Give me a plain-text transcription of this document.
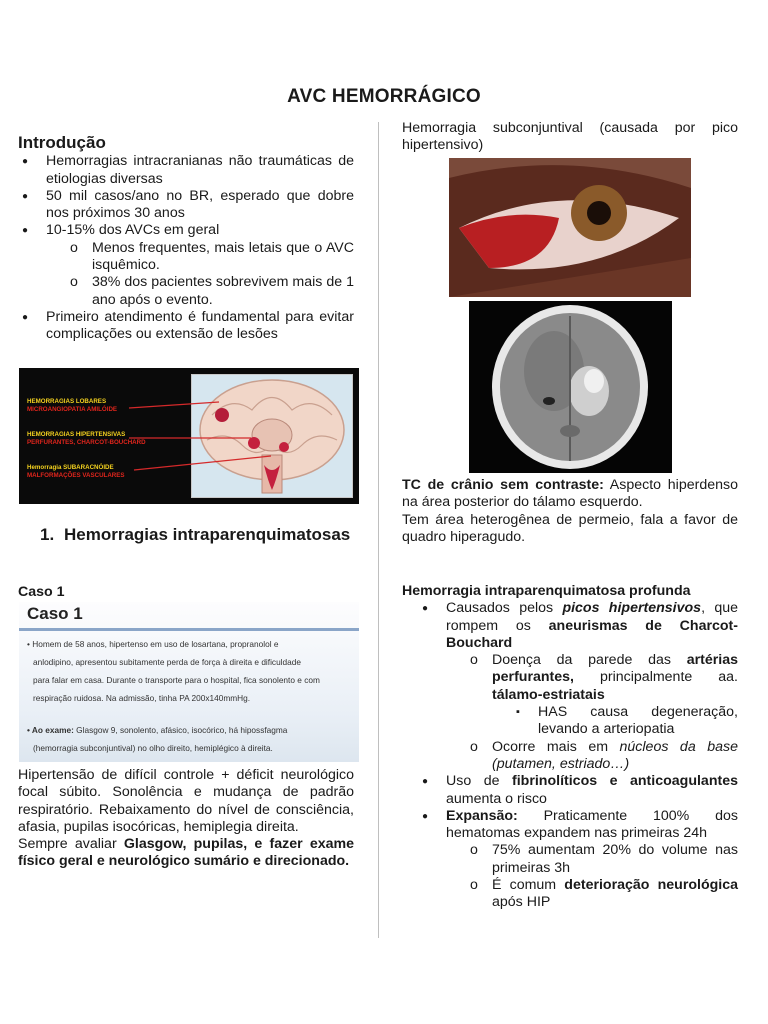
AVC HEMORRÁGICO
Introdução
● Hemorragias intracranianas não traumáticas de etiologias diversas
● 50 mil casos/ano no BR, esperado que dobre nos próximos 30 anos
● 10-15% dos AVCs em geral
o Menos frequentes, mais letais que o AVC isquêmico.
o 38% dos pacientes sobrevivem mais de 1 ano após o evento.
● Primeiro atendimento é fundamental para evitar complicações ou extensão de lesões
HEMORRAGIAS LOBARES
MICROANGIOPATIA AMILÓIDE
HEMORRAGIAS HIPERTENSIVAS
PERFURANTES, CHARCOT-BOUCHARD
Hemorragia SUBARACNÓIDE
MALFORMAÇÕES VASCULARES
1. Hemorragias intraparenquimatosas
Caso 1
Caso 1
• Homem de 58 anos, hipertenso em uso de losartana, propranolol e
anlodipino, apresentou subitamente perda de força à direita e dificuldade
para falar em casa. Durante o transporte para o hospital, fica sonolento e com
respiração ruidosa. Na admissão, tinha PA 200x140mmHg.
• Ao exame: Glasgow 9, sonolento, afásico, isocórico, há hipossfagma
(hemorragia subconjuntival) no olho direito, hemiplégico à direita.

Hipertensão de difícil controle + déficit neurológico focal súbito. Sonolência e mudança de padrão respiratório. Rebaixamento do nível de consciência, afasia, pupilas isocóricas, hemiplegia direita.

Sempre avaliar Glasgow, pupilas, e fazer exame físico geral e neurológico sumário e direcionado.

Hemorragia subconjuntival (causada por pico hipertensivo)

TC de crânio sem contraste: Aspecto hiperdenso na área posterior do tálamo esquerdo.

Tem área heterogênea de permeio, fala a favor de quadro hiperagudo.

Hemorragia intraparenquimatosa profunda

● Causados pelos picos hipertensivos, que rompem os aneurismas de Charcot-Bouchard
o Doença da parede das artérias perfurantes, principalmente aa. tálamo-estriatais
▪ HAS causa degeneração, levando a arteriopatia
o Ocorre mais em núcleos da base (putamen, estriado…)
● Uso de fibrinolíticos e anticoagulantes aumenta o risco
● Expansão: Praticamente 100% dos hematomas expandem nas primeiras 24h
o 75% aumentam 20% do volume nas primeiras 3h
o É comum deterioração neurológica após HIP
